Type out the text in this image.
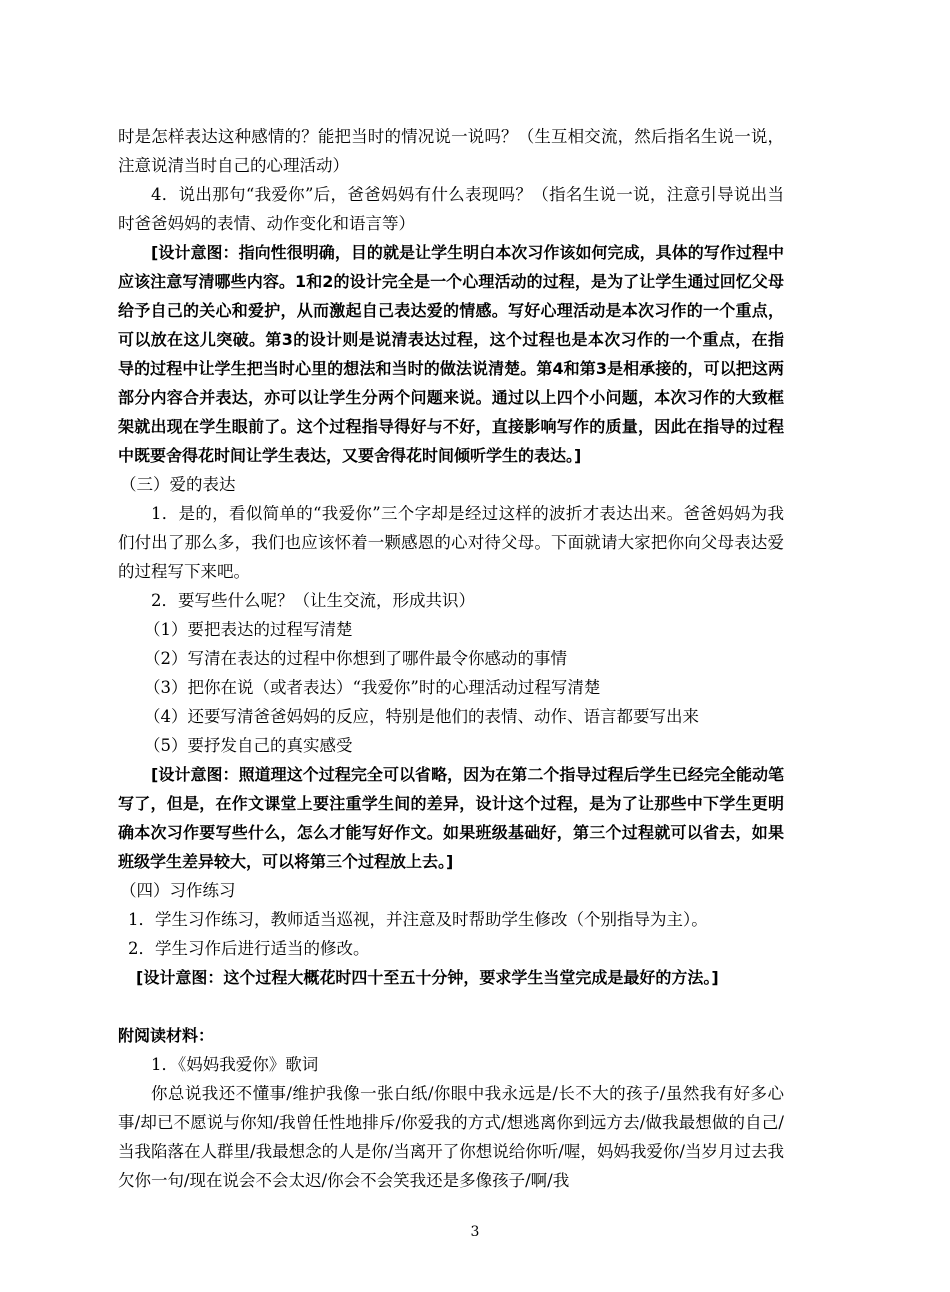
时是怎样表达这种感情的？能把当时的情况说一说吗？（生互相交流，然后指名生说一说，注意说清当时自己的心理活动）

4．说出那句“我爱你”后，爸爸妈妈有什么表现吗？（指名生说一说，注意引导说出当时爸爸妈妈的表情、动作变化和语言等）

[设计意图：指向性很明确，目的就是让学生明白本次习作该如何完成，具体的写作过程中应该注意写清哪些内容。1和2的设计完全是一个心理活动的过程，是为了让学生通过回忆父母给予自己的关心和爱护，从而激起自己表达爱的情感。写好心理活动是本次习作的一个重点，可以放在这儿突破。第3的设计则是说清表达过程，这个过程也是本次习作的一个重点，在指导的过程中让学生把当时心里的想法和当时的做法说清楚。第4和第3是相承接的，可以把这两部分内容合并表达，亦可以让学生分两个问题来说。通过以上四个小问题，本次习作的大致框架就出现在学生眼前了。这个过程指导得好与不好，直接影响写作的质量，因此在指导的过程中既要舍得花时间让学生表达，又要舍得花时间倾听学生的表达。]

（三）爱的表达

1．是的，看似简单的“我爱你”三个字却是经过这样的波折才表达出来。爸爸妈妈为我们付出了那么多，我们也应该怀着一颗感恩的心对待父母。下面就请大家把你向父母表达爱的过程写下来吧。

2．要写些什么呢？（让生交流，形成共识）

（1）要把表达的过程写清楚

（2）写清在表达的过程中你想到了哪件最令你感动的事情

（3）把你在说（或者表达）“我爱你”时的心理活动过程写清楚

（4）还要写清爸爸妈妈的反应，特别是他们的表情、动作、语言都要写出来

（5）要抒发自己的真实感受

[设计意图：照道理这个过程完全可以省略，因为在第二个指导过程后学生已经完全能动笔写了，但是，在作文课堂上要注重学生间的差异，设计这个过程，是为了让那些中下学生更明确本次习作要写些什么，怎么才能写好作文。如果班级基础好，第三个过程就可以省去，如果班级学生差异较大，可以将第三个过程放上去。]

（四）习作练习

1．学生习作练习，教师适当巡视，并注意及时帮助学生修改（个别指导为主）。

2．学生习作后进行适当的修改。

[设计意图：这个过程大概花时四十至五十分钟，要求学生当堂完成是最好的方法。]

附阅读材料：

1．《妈妈我爱你》歌词

你总说我还不懂事/维护我像一张白纸/你眼中我永远是/长不大的孩子/虽然我有好多心事/却已不愿说与你知/我曾任性地排斥/你爱我的方式/想逃离你到远方去/做我最想做的自己/当我陷落在人群里/我最想念的人是你/当离开了你想说给你听/喔，妈妈我爱你/当岁月过去我欠你一句/现在说会不会太迟/你会不会笑我还是多像孩子/啊/我

3
